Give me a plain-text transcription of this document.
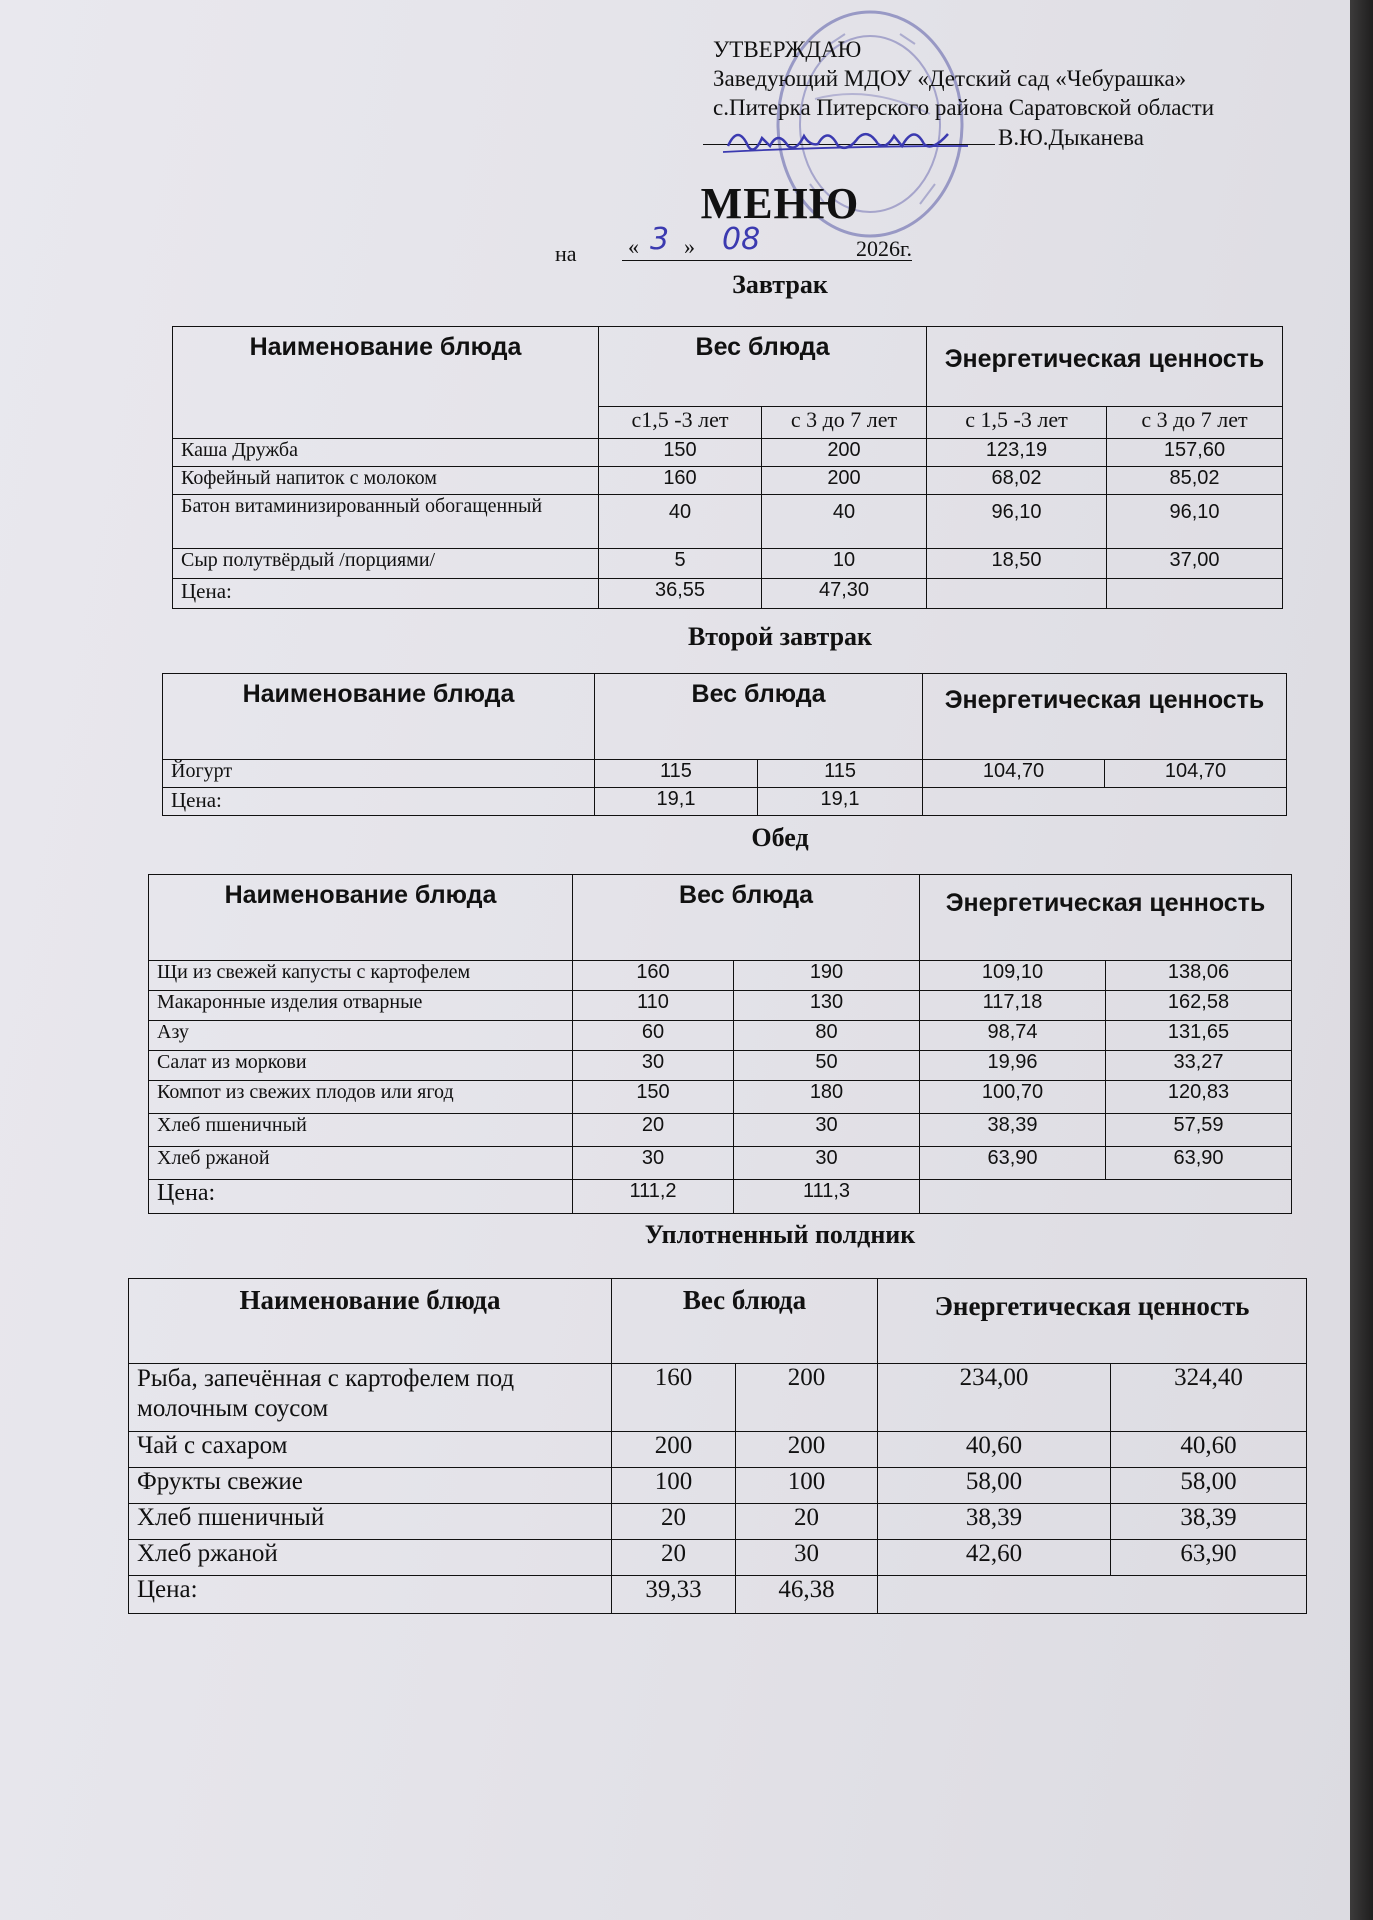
УТВЕРЖДАЮ
Заведующий МДОУ «Детский сад «Чебурашка»
с.Питерка Питерского района Саратовской области
В.Ю.Дыканева
МЕНЮ
на « 3 » 08	2026г.
Завтрак
Наименование блюда	Вес блюда		Энергетическая ценность	
	с1,5 -3 лет	с 3 до 7 лет	с 1,5 -3 лет	с 3 до 7 лет
Каша Дружба	150	200	123,19	157,60
Кофейный напиток с молоком	160	200	68,02	85,02
Батон витаминизированный обогащенный	40	40	96,10	96,10
Сыр полутвёрдый /порциями/	5	10	18,50	37,00
Цена:	36,55	47,30		
Второй завтрак
Наименование блюда	Вес блюда		Энергетическая ценность	
Йогурт	115	115	104,70	104,70
Цена:	19,1	19,1		
Обед
Наименование блюда	Вес блюда		Энергетическая ценность	
Щи из свежей капусты с картофелем	160	190	109,10	138,06
Макаронные изделия отварные	110	130	117,18	162,58
Азу	60	80	98,74	131,65
Салат из моркови	30	50	19,96	33,27
Компот из свежих плодов или ягод	150	180	100,70	120,83
Хлеб пшеничный	20	30	38,39	57,59
Хлеб ржаной	30	30	63,90	63,90
Цена:	111,2	111,3		
Уплотненный полдник
Наименование блюда	Вес блюда		Энергетическая ценность	
Рыба, запечённая с картофелем под молочным соусом	160	200	234,00	324,40
Чай с сахаром	200	200	40,60	40,60
Фрукты свежие	100	100	58,00	58,00
Хлеб пшеничный	20	20	38,39	38,39
Хлеб ржаной	20	30	42,60	63,90
Цена:	39,33	46,38		
